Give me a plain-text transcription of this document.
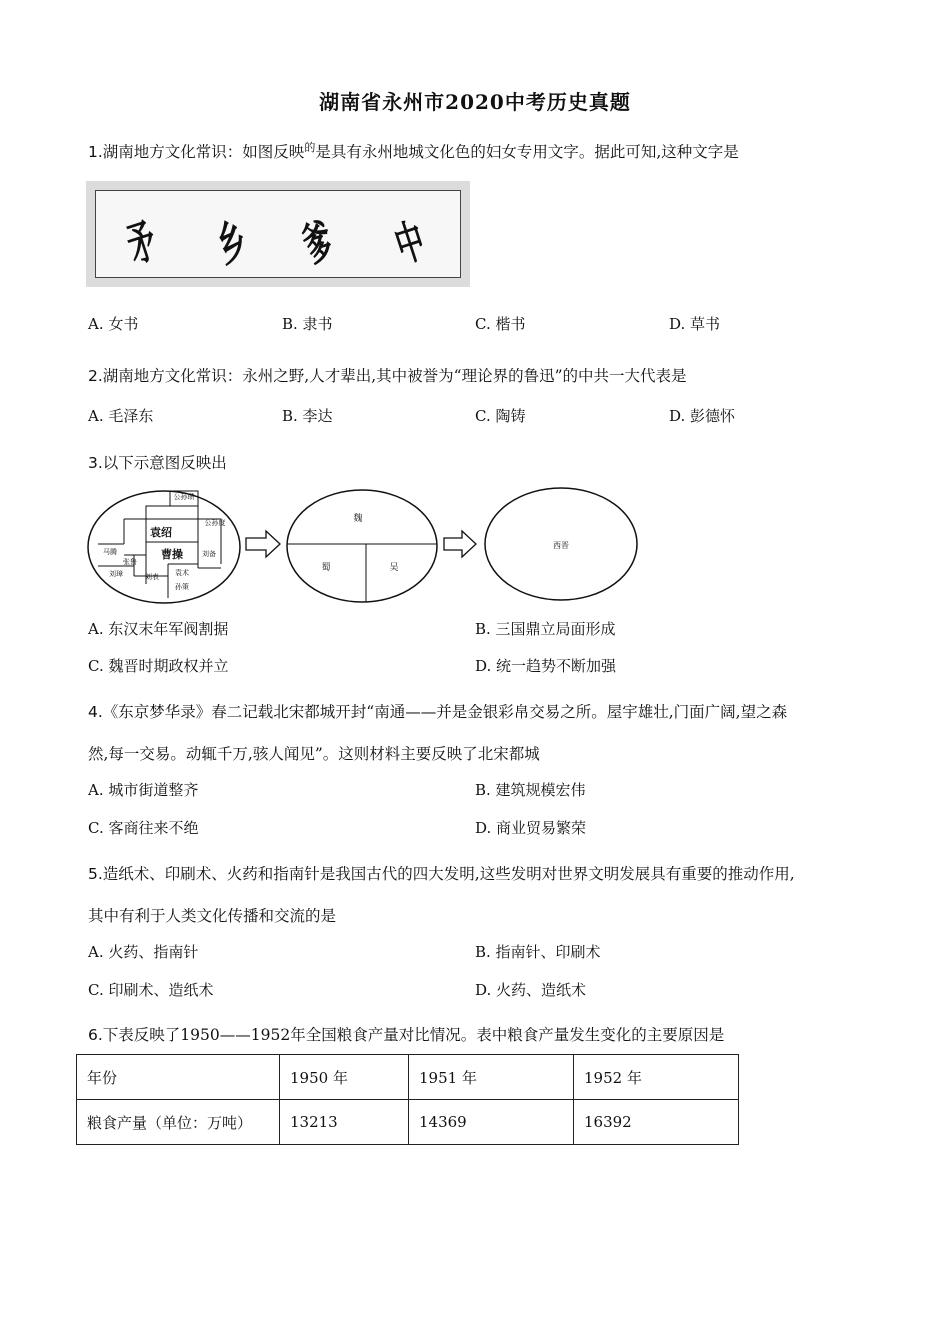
湖南省永州市2020中考历史真题
1.湖南地方文化常识：如图反映$^的$是具有永州地城文化色的妇女专用文字。据此可知,这种文字是
矛 乡 爹 中
A. 女书	B. 隶书	C. 楷书	D. 草书
2.湖南地方文化常识：永州之野,人才辈出,其中被誉为“理论界的鲁迅”的中共一大代表是
A. 毛泽东	B. 李达	C. 陶铸	D. 彭德怀
3.以下示意图反映出
公孙瓒
公孙度
袁绍
马腾	曹操	刘备
张鲁
刘璋	刘表 袁术
孙策
魏
蜀	吴
西晋
A. 东汉末年军阀割据	B. 三国鼎立局面形成
C. 魏晋时期政权并立	D. 统一趋势不断加强
4.《东京梦华录》春二记载北宋都城开封“南通——并是金银彩帛交易之所。屋宇雄壮,门面广阔,望之森
然,每一交易。动辄千万,骇人闻见”。这则材料主要反映了北宋都城
A. 城市街道整齐	B. 建筑规模宏伟
C. 客商往来不绝	D. 商业贸易繁荣
5.造纸术、印刷术、火药和指南针是我国古代的四大发明,这些发明对世界文明发展具有重要的推动作用,
其中有利于人类文化传播和交流的是
A. 火药、指南针	B. 指南针、印刷术
C. 印刷术、造纸术	D. 火药、造纸术
6.下表反映了1950——1952年全国粮食产量对比情况。表中粮食产量发生变化的主要原因是
年份	1950 年	1951 年	1952 年
粮食产量（单位：万吨）	13213	14369	16392
